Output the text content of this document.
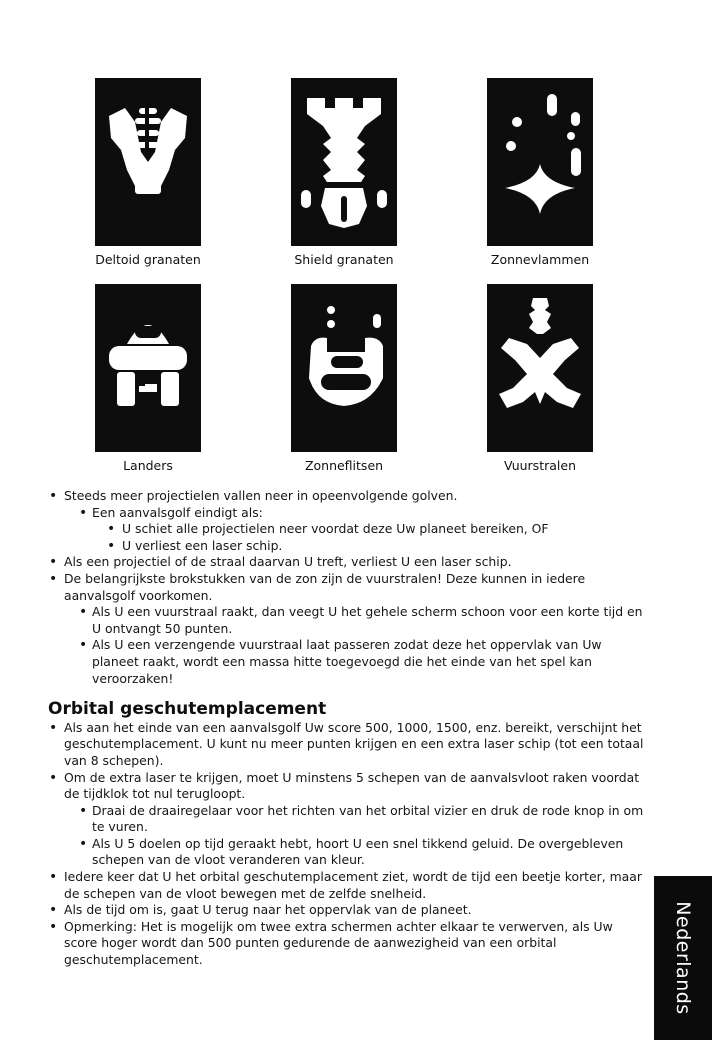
Deltoid granaten	Shield granaten	Zonnevlammen
Landers	Zonneflitsen	Vuurstralen
• Steeds meer projectielen vallen neer in opeenvolgende golven.
• Een aanvalsgolf eindigt als:
• U schiet alle projectielen neer voordat deze Uw planeet bereiken, OF
• U verliest een laser schip.
• Als een projectiel of de straal daarvan U treft, verliest U een laser schip.
• De belangrijkste brokstukken van de zon zijn de vuurstralen! Deze kunnen in iedere aanvalsgolf voorkomen.
• Als U een vuurstraal raakt, dan veegt U het gehele scherm schoon voor een korte tijd en U ontvangt 50 punten.
• Als U een verzengende vuurstraal laat passeren zodat deze het oppervlak van Uw planeet raakt, wordt een massa hitte toegevoegd die het einde van het spel kan veroorzaken!
Orbital geschutemplacement
• Als aan het einde van een aanvalsgolf Uw score 500, 1000, 1500, enz. bereikt, verschijnt het geschutemplacement. U kunt nu meer punten krijgen en een extra laser schip (tot een totaal van 8 schepen).
• Om de extra laser te krijgen, moet U minstens 5 schepen van de aanvalsvloot raken voordat de tijdklok tot nul terugloopt.
• Draai de draairegelaar voor het richten van het orbital vizier en druk de rode knop in om te vuren.
• Als U 5 doelen op tijd geraakt hebt, hoort U een snel tikkend geluid. De overgebleven schepen van de vloot veranderen van kleur.
• Iedere keer dat U het orbital geschutemplacement ziet, wordt de tijd een beetje korter, maar de schepen van de vloot bewegen met de zelfde snelheid.
• Als de tijd om is, gaat U terug naar het oppervlak van de planeet.
• Opmerking: Het is mogelijk om twee extra schermen achter elkaar te verwerven, als Uw score hoger wordt dan 500 punten gedurende de aanwezigheid van een orbital geschutemplacement.	Nederlands
